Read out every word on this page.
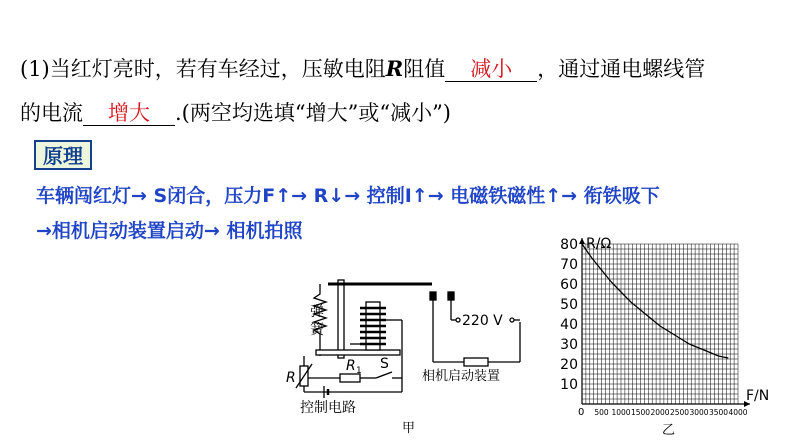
(1)当红灯亮时，若有车经过，压敏电阻R阻值 减小 ，通过通电螺线管
的电流 增大 .(两空均选填“增大”或“减小”)
原理
车辆闯红灯→ S闭合，压力F↑→ R↓→ 控制I↑→ 电磁铁磁性↑→ 衔铁吸下
→相机启动装置启动→ 相机拍照
弹
簧
R
R 1 S
220 V
相机启动装置
控制电路
甲
10
20
30
40
50
60
70
80
500 1000 1500 2000 2500 3000 3500 4000
R/Ω
F/N
0
乙
